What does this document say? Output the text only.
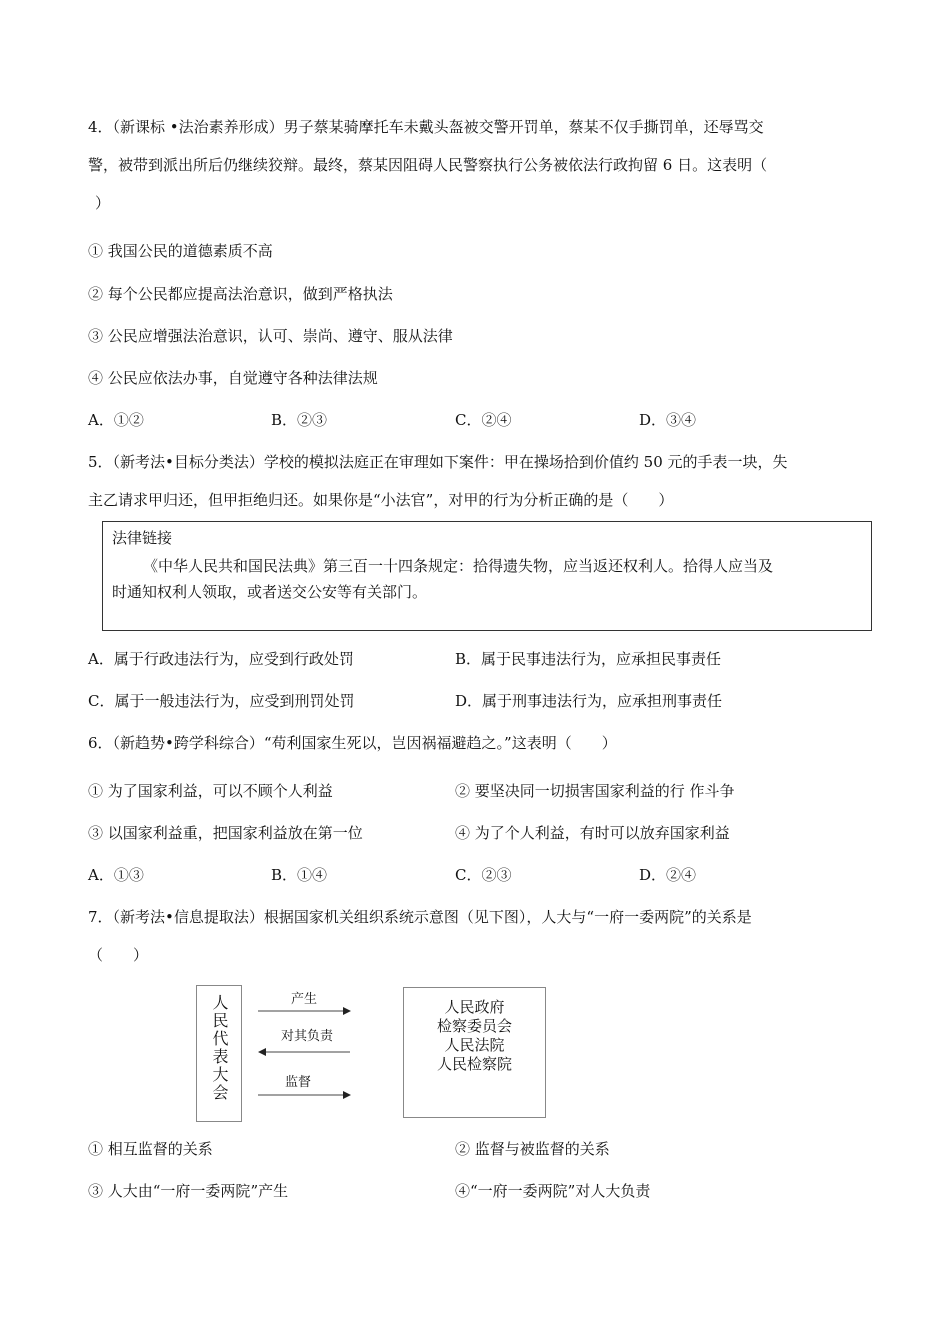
4．（新课标 •法治素养形成）男子蔡某骑摩托车未戴头盔被交警开罚单，蔡某不仅手撕罚单，还辱骂交
警，被带到派出所后仍继续狡辩。最终，蔡某因阻碍人民警察执行公务被依法行政拘留 6 日。这表明（
）
① 我国公民的道德素质不高
② 每个公民都应提高法治意识，做到严格执法
③ 公民应增强法治意识，认可、崇尚、遵守、服从法律
④ 公民应依法办事，自觉遵守各种法律法规
A．①②	B．②③	C．②④	D．③④
5．（新考法•目标分类法）学校的模拟法庭正在审理如下案件：甲在操场拾到价值约 50 元的手表一块，失
主乙请求甲归还，但甲拒绝归还。如果你是“小法官”，对甲的行为分析正确的是（　　）
法律链接
《中华人民共和国民法典》第三百一十四条规定：拾得遗失物，应当返还权利人。拾得人应当及
时通知权利人领取，或者送交公安等有关部门。
A．属于行政违法行为，应受到行政处罚	B．属于民事违法行为，应承担民事责任
C．属于一般违法行为，应受到刑罚处罚	D．属于刑事违法行为，应承担刑事责任
6．（新趋势•跨学科综合）“苟利国家生死以，岂因祸福避趋之。”这表明（　　）
① 为了国家利益，可以不顾个人利益	② 要坚决同一切损害国家利益的行 作斗争
③ 以国家利益重，把国家利益放在第一位	④ 为了个人利益，有时可以放弃国家利益
A．①③	B．①④	C．②③	D．②④
7．（新考法•信息提取法）根据国家机关组织系统示意图（见下图），人大与“一府一委两院”的关系是
（　　）
人民代表大会	产生
对其负责
监督
人民政府
检察委员会
人民法院
人民检察院
① 相互监督的关系	② 监督与被监督的关系
③ 人大由“一府一委两院”产生	④“一府一委两院”对人大负责
